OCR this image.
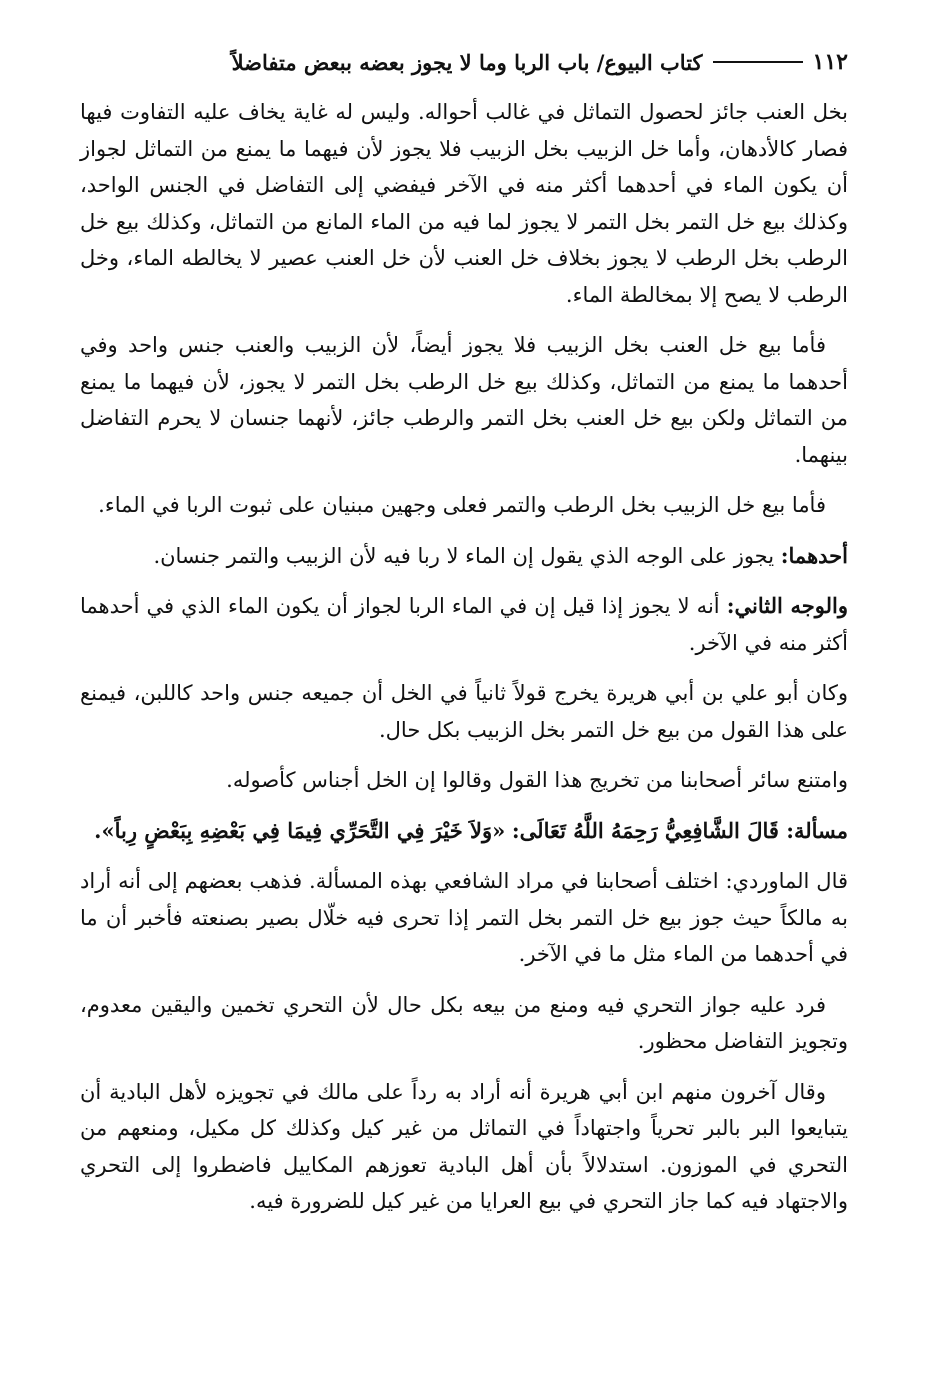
١١٢
كتاب البيوع/ باب الربا وما لا يجوز بعضه ببعض متفاضلاً

بخل العنب جائز لحصول التماثل في غالب أحواله. وليس له غاية يخاف عليه التفاوت فيها فصار كالأدهان، وأما خل الزبيب بخل الزبيب فلا يجوز لأن فيهما ما يمنع من التماثل لجواز أن يكون الماء في أحدهما أكثر منه في الآخر فيفضي إلى التفاضل في الجنس الواحد، وكذلك بيع خل التمر بخل التمر لا يجوز لما فيه من الماء المانع من التماثل، وكذلك بيع خل الرطب بخل الرطب لا يجوز بخلاف خل العنب لأن خل العنب عصير لا يخالطه الماء، وخل الرطب لا يصح إلا بمخالطة الماء.

فأما بيع خل العنب بخل الزبيب فلا يجوز أيضاً، لأن الزبيب والعنب جنس واحد وفي أحدهما ما يمنع من التماثل، وكذلك بيع خل الرطب بخل التمر لا يجوز، لأن فيهما ما يمنع من التماثل ولكن بيع خل العنب بخل التمر والرطب جائز، لأنهما جنسان لا يحرم التفاضل بينهما.

فأما بيع خل الزبيب بخل الرطب والتمر فعلى وجهين مبنيان على ثبوت الربا في الماء.

أحدهما: يجوز على الوجه الذي يقول إن الماء لا ربا فيه لأن الزبيب والتمر جنسان.

والوجه الثاني: أنه لا يجوز إذا قيل إن في الماء الربا لجواز أن يكون الماء الذي في أحدهما أكثر منه في الآخر.

وكان أبو علي بن أبي هريرة يخرج قولاً ثانياً في الخل أن جميعه جنس واحد كاللبن، فيمنع على هذا القول من بيع خل التمر بخل الزبيب بكل حال.

وامتنع سائر أصحابنا من تخريج هذا القول وقالوا إن الخل أجناس كأصوله.

مسألة: قَالَ الشَّافِعِيُّ رَحِمَهُ اللَّهُ تَعَالَى: «وَلاَ خَيْرَ فِي التَّحَرِّي فِيمَا فِي بَعْضِهِ بِبَعْضٍ رِباً».

قال الماوردي: اختلف أصحابنا في مراد الشافعي بهذه المسألة. فذهب بعضهم إلى أنه أراد به مالكاً حيث جوز بيع خل التمر بخل التمر إذا تحرى فيه خلّال بصير بصنعته فأخبر أن ما في أحدهما من الماء مثل ما في الآخر.

فرد عليه جواز التحري فيه ومنع من بيعه بكل حال لأن التحري تخمين واليقين معدوم، وتجويز التفاضل محظور.

وقال آخرون منهم ابن أبي هريرة أنه أراد به رداً على مالك في تجويزه لأهل البادية أن يتبايعوا البر بالبر تحرياً واجتهاداً في التماثل من غير كيل وكذلك كل مكيل، ومنعهم من التحري في الموزون. استدلالاً بأن أهل البادية تعوزهم المكاييل فاضطروا إلى التحري والاجتهاد فيه كما جاز التحري في بيع العرايا من غير كيل للضرورة فيه.
